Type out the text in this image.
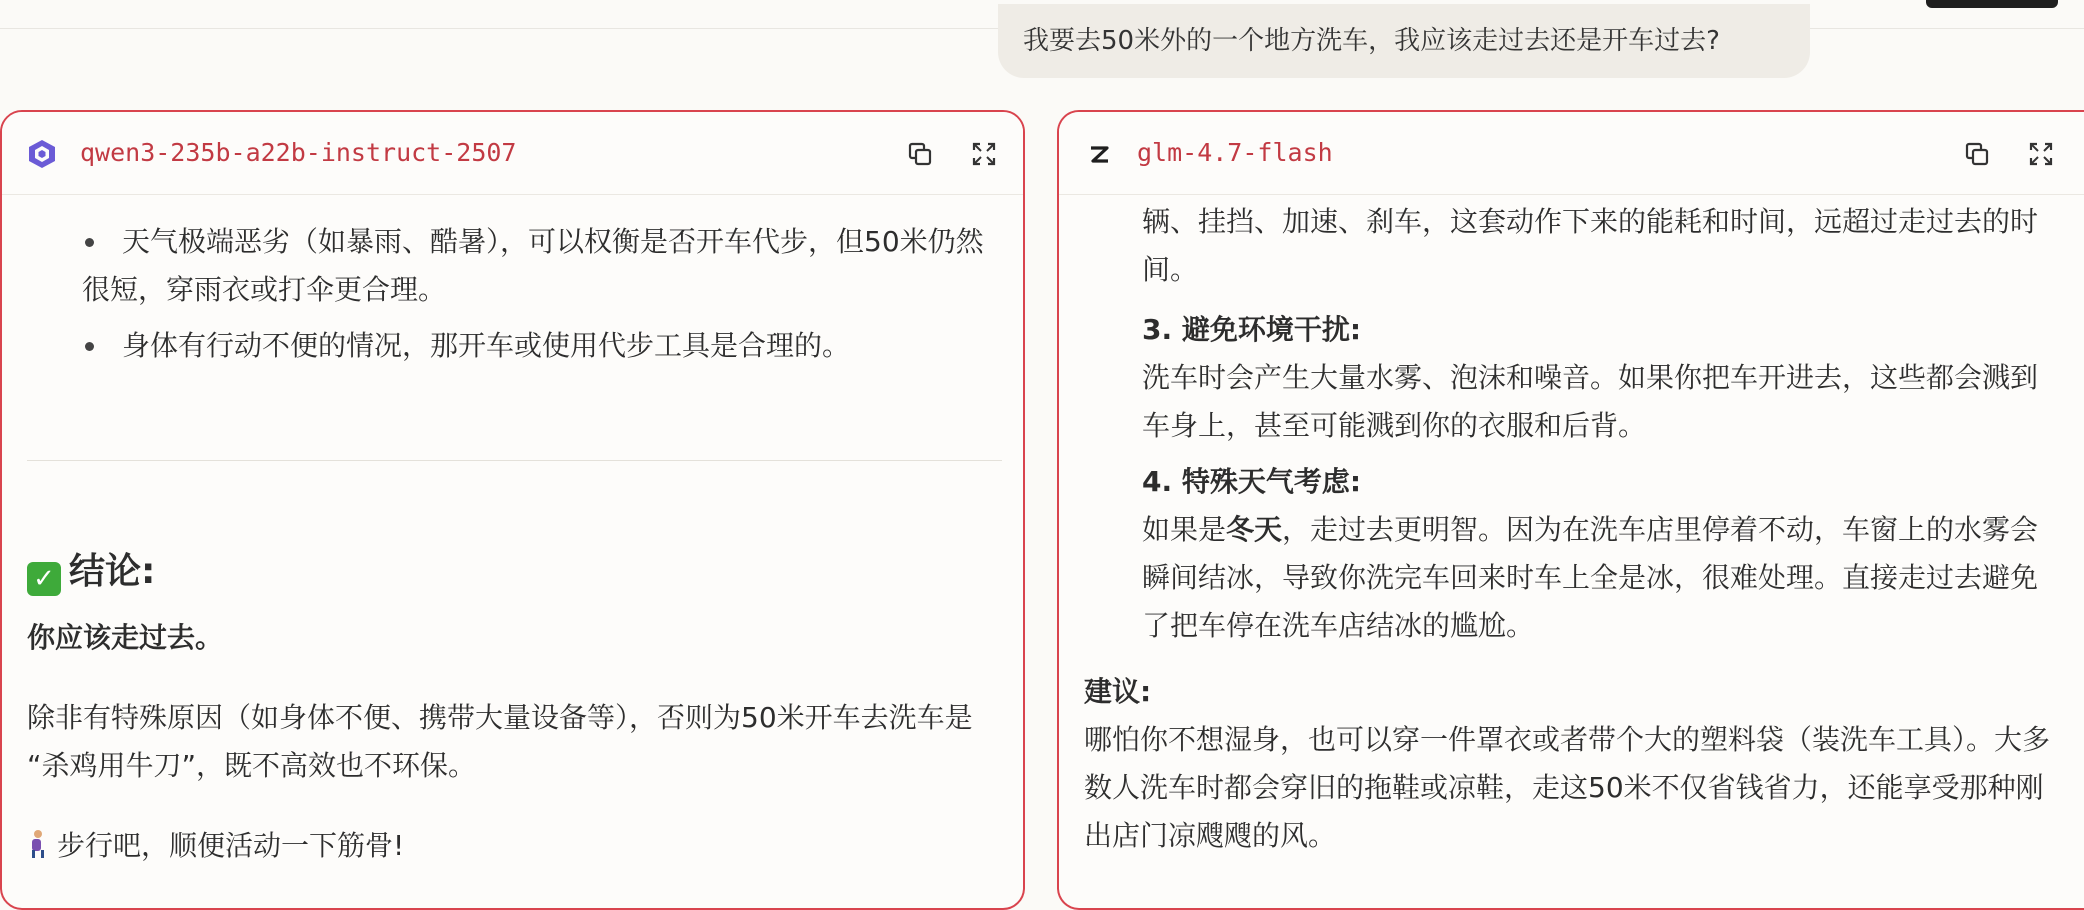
我要去50米外的一个地方洗车，我应该走过去还是开车过去?
天气极端恶劣（如暴雨、酷暑），可以权衡是否开车代步，但50米仍然
很短，穿雨衣或打伞更合理。
身体有行动不便的情况，那开车或使用代步工具是合理的。
✓ 结论:
你应该走过去。
除非有特殊原因（如身体不便、携带大量设备等），否则为50米开车去洗车是
“杀鸡用牛刀”，既不高效也不环保。
步行吧，顺便活动一下筋骨!
qwen3-235b-a22b-instruct-2507
辆、挂挡、加速、刹车，这套动作下来的能耗和时间，远超过走过去的时
间。
3. 避免环境干扰:
洗车时会产生大量水雾、泡沫和噪音。如果你把车开进去，这些都会溅到
车身上，甚至可能溅到你的衣服和后背。
4. 特殊天气考虑:
如果是冬天，走过去更明智。因为在洗车店里停着不动，车窗上的水雾会
瞬间结冰，导致你洗完车回来时车上全是冰，很难处理。直接走过去避免
了把车停在洗车店结冰的尴尬。
建议:
哪怕你不想湿身，也可以穿一件罩衣或者带个大的塑料袋（装洗车工具）。大多
数人洗车时都会穿旧的拖鞋或凉鞋，走这50米不仅省钱省力，还能享受那种刚
出店门凉飕飕的风。
glm-4.7-flash
